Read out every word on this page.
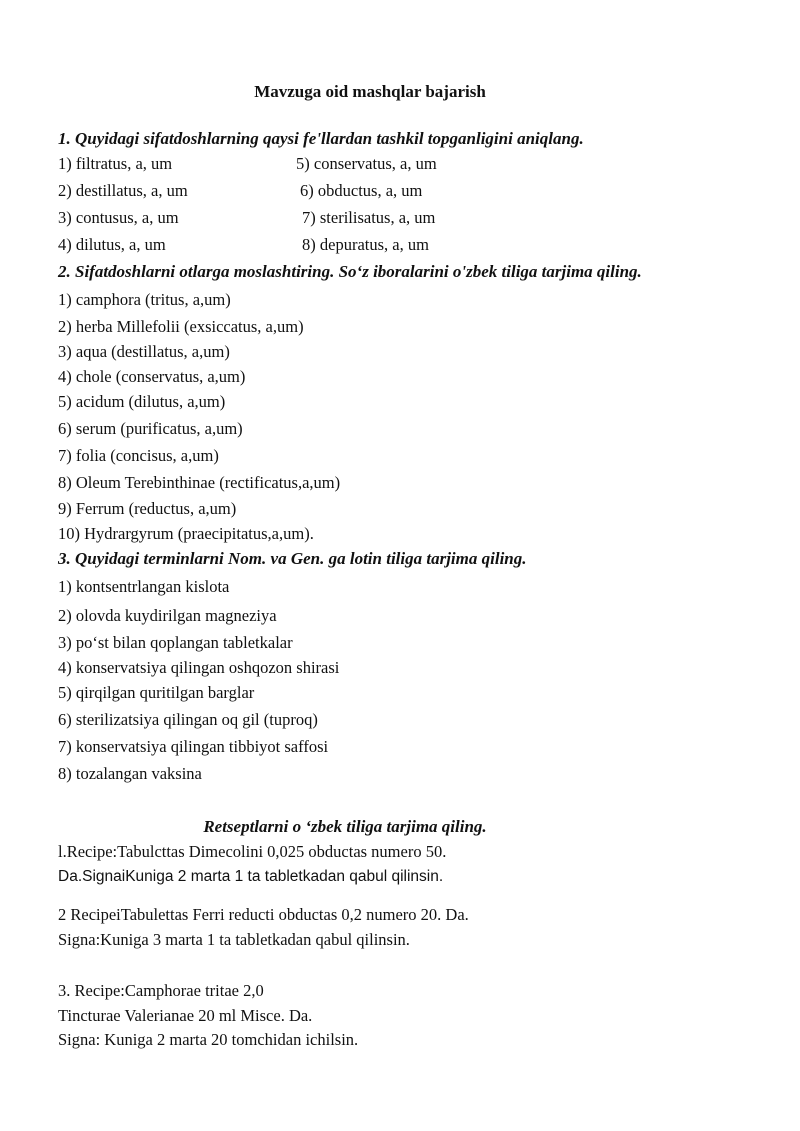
Mavzuga oid mashqlar bajarish
1. Quyidagi sifatdoshlarning qaysi fe'llardan tashkil topganligini aniqlang.
1) filtratus, a, um	5) conservatus, a, um
2) destillatus, a, um	6) obductus, a, um
3) contusus, a, um	7) sterilisatus, a, um
4) dilutus, a, um	8) depuratus, a, um
2. Sifatdoshlarni otlarga moslashtiring. So‘z iboralarini o'zbek tiliga tarjima qiling.
1) camphora (tritus, a,um)
2) herba Millefolii (exsiccatus, a,um)
3) aqua (destillatus, a,um)
4) chole (conservatus, a,um)
5) acidum (dilutus, a,um)
6) serum (purificatus, a,um)
7) folia (concisus, a,um)
8) Oleum Terebinthinae (rectificatus,a,um)
9) Ferrum (reductus, a,um)
10) Hydrargyrum (praecipitatus,a,um).
3. Quyidagi terminlarni Nom. va Gen. ga lotin tiliga tarjima qiling.
1) kontsentrlangan kislota
2) olovda kuydirilgan magneziya
3) po‘st bilan qoplangan tabletkalar
4) konservatsiya qilingan oshqozon shirasi
5) qirqilgan quritilgan barglar
6) sterilizatsiya qilingan oq gil (tuproq)
7) konservatsiya qilingan tibbiyot saffosi
8) tozalangan vaksina
Retseptlarni o ‘zbek tiliga tarjima qiling.
l.Recipe:Tabulcttas Dimecolini 0,025 obductas numero 50.
Da.SignaiKuniga 2 marta 1 ta tabletkadan qabul qilinsin.
2 RecipeiTabulettas Ferri reducti obductas 0,2 numero 20. Da.
Signa:Kuniga 3 marta 1 ta tabletkadan qabul qilinsin.
3. Recipe:Camphorae tritae 2,0
Tincturae Valerianae 20 ml Misce. Da.
Signa: Kuniga 2 marta 20 tomchidan ichilsin.
